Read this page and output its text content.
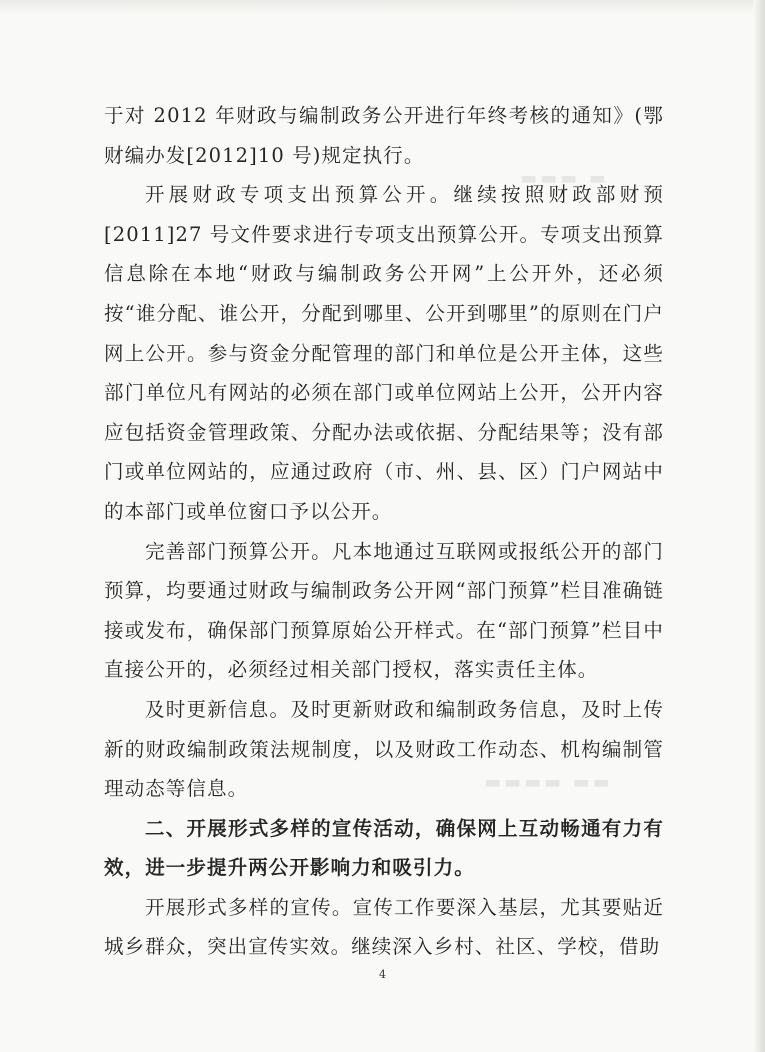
▬▬▬ ▬
▬▬▬▬ ▬▬

于对 2012 年财政与编制政务公开进行年终考核的通知》(鄂财编办发[2012]10 号)规定执行。

开展财政专项支出预算公开。继续按照财政部财预[2011]27 号文件要求进行专项支出预算公开。专项支出预算信息除在本地“财政与编制政务公开网”上公开外，还必须按“谁分配、谁公开，分配到哪里、公开到哪里”的原则在门户网上公开。参与资金分配管理的部门和单位是公开主体，这些部门单位凡有网站的必须在部门或单位网站上公开，公开内容应包括资金管理政策、分配办法或依据、分配结果等；没有部门或单位网站的，应通过政府（市、州、县、区）门户网站中的本部门或单位窗口予以公开。

完善部门预算公开。凡本地通过互联网或报纸公开的部门预算，均要通过财政与编制政务公开网“部门预算”栏目准确链接或发布，确保部门预算原始公开样式。在“部门预算”栏目中直接公开的，必须经过相关部门授权，落实责任主体。

及时更新信息。及时更新财政和编制政务信息，及时上传新的财政编制政策法规制度，以及财政工作动态、机构编制管理动态等信息。

二、开展形式多样的宣传活动，确保网上互动畅通有力有效，进一步提升两公开影响力和吸引力。

开展形式多样的宣传。宣传工作要深入基层，尤其要贴近城乡群众，突出宣传实效。继续深入乡村、社区、学校，借助

4
